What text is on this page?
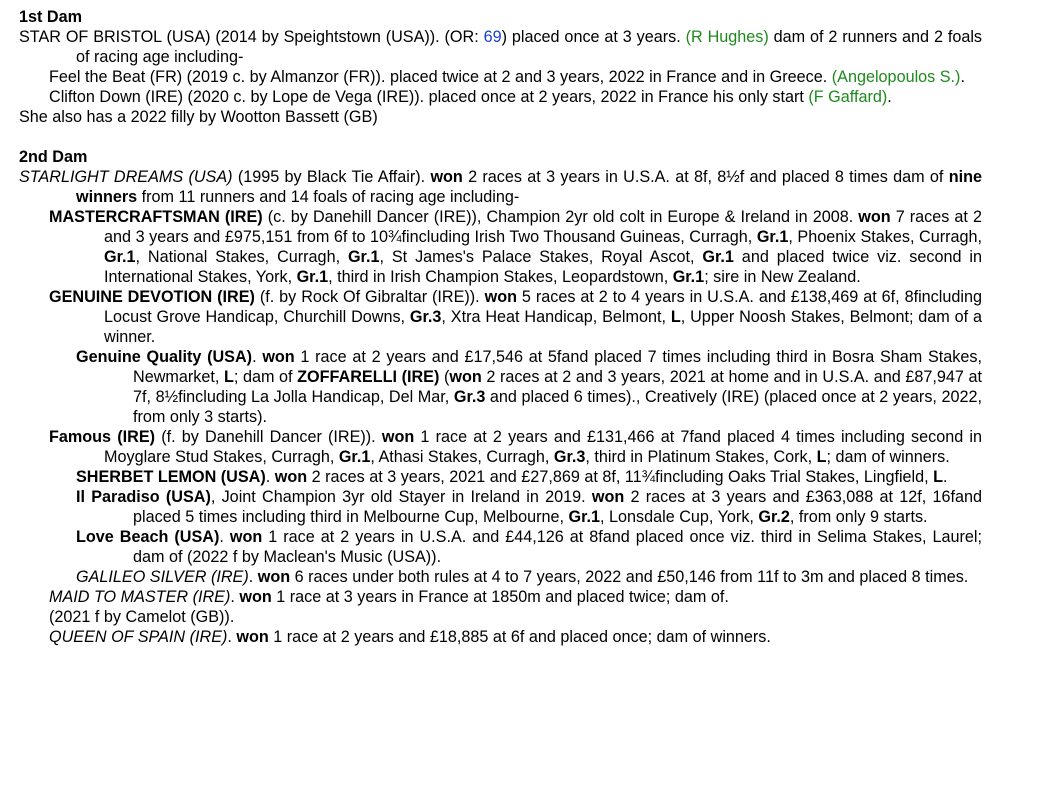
1st Dam
STAR OF BRISTOL (USA) (2014 by Speightstown (USA)). (OR: 69) placed once at 3 years. (R Hughes) dam of 2 runners and 2 foals of racing age including-
Feel the Beat (FR) (2019 c. by Almanzor (FR)). placed twice at 2 and 3 years, 2022 in France and in Greece. (Angelopoulos S.).
Clifton Down (IRE) (2020 c. by Lope de Vega (IRE)). placed once at 2 years, 2022 in France his only start (F Gaffard).
She also has a 2022 filly by Wootton Bassett (GB)
2nd Dam
STARLIGHT DREAMS (USA) (1995 by Black Tie Affair). won 2 races at 3 years in U.S.A. at 8f, 8½f and placed 8 times dam of nine winners from 11 runners and 14 foals of racing age including-
MASTERCRAFTSMAN (IRE) (c. by Danehill Dancer (IRE)), Champion 2yr old colt in Europe & Ireland in 2008. won 7 races at 2 and 3 years and £975,151 from 6f to 10¾fincluding Irish Two Thousand Guineas, Curragh, Gr.1, Phoenix Stakes, Curragh, Gr.1, National Stakes, Curragh, Gr.1, St James's Palace Stakes, Royal Ascot, Gr.1 and placed twice viz. second in International Stakes, York, Gr.1, third in Irish Champion Stakes, Leopardstown, Gr.1; sire in New Zealand.
GENUINE DEVOTION (IRE) (f. by Rock Of Gibraltar (IRE)). won 5 races at 2 to 4 years in U.S.A. and £138,469 at 6f, 8fincluding Locust Grove Handicap, Churchill Downs, Gr.3, Xtra Heat Handicap, Belmont, L, Upper Noosh Stakes, Belmont; dam of a winner.
Genuine Quality (USA). won 1 race at 2 years and £17,546 at 5fand placed 7 times including third in Bosra Sham Stakes, Newmarket, L; dam of ZOFFARELLI (IRE) (won 2 races at 2 and 3 years, 2021 at home and in U.S.A. and £87,947 at 7f, 8½fincluding La Jolla Handicap, Del Mar, Gr.3 and placed 6 times)., Creatively (IRE) (placed once at 2 years, 2022, from only 3 starts).
Famous (IRE) (f. by Danehill Dancer (IRE)). won 1 race at 2 years and £131,466 at 7fand placed 4 times including second in Moyglare Stud Stakes, Curragh, Gr.1, Athasi Stakes, Curragh, Gr.3, third in Platinum Stakes, Cork, L; dam of winners.
SHERBET LEMON (USA). won 2 races at 3 years, 2021 and £27,869 at 8f, 11¾fincluding Oaks Trial Stakes, Lingfield, L.
Il Paradiso (USA), Joint Champion 3yr old Stayer in Ireland in 2019. won 2 races at 3 years and £363,088 at 12f, 16fand placed 5 times including third in Melbourne Cup, Melbourne, Gr.1, Lonsdale Cup, York, Gr.2, from only 9 starts.
Love Beach (USA). won 1 race at 2 years in U.S.A. and £44,126 at 8fand placed once viz. third in Selima Stakes, Laurel; dam of (2022 f by Maclean's Music (USA)).
GALILEO SILVER (IRE). won 6 races under both rules at 4 to 7 years, 2022 and £50,146 from 11f to 3m and placed 8 times.
MAID TO MASTER (IRE). won 1 race at 3 years in France at 1850m and placed twice; dam of.
(2021 f by Camelot (GB)).
QUEEN OF SPAIN (IRE). won 1 race at 2 years and £18,885 at 6f and placed once; dam of winners.
